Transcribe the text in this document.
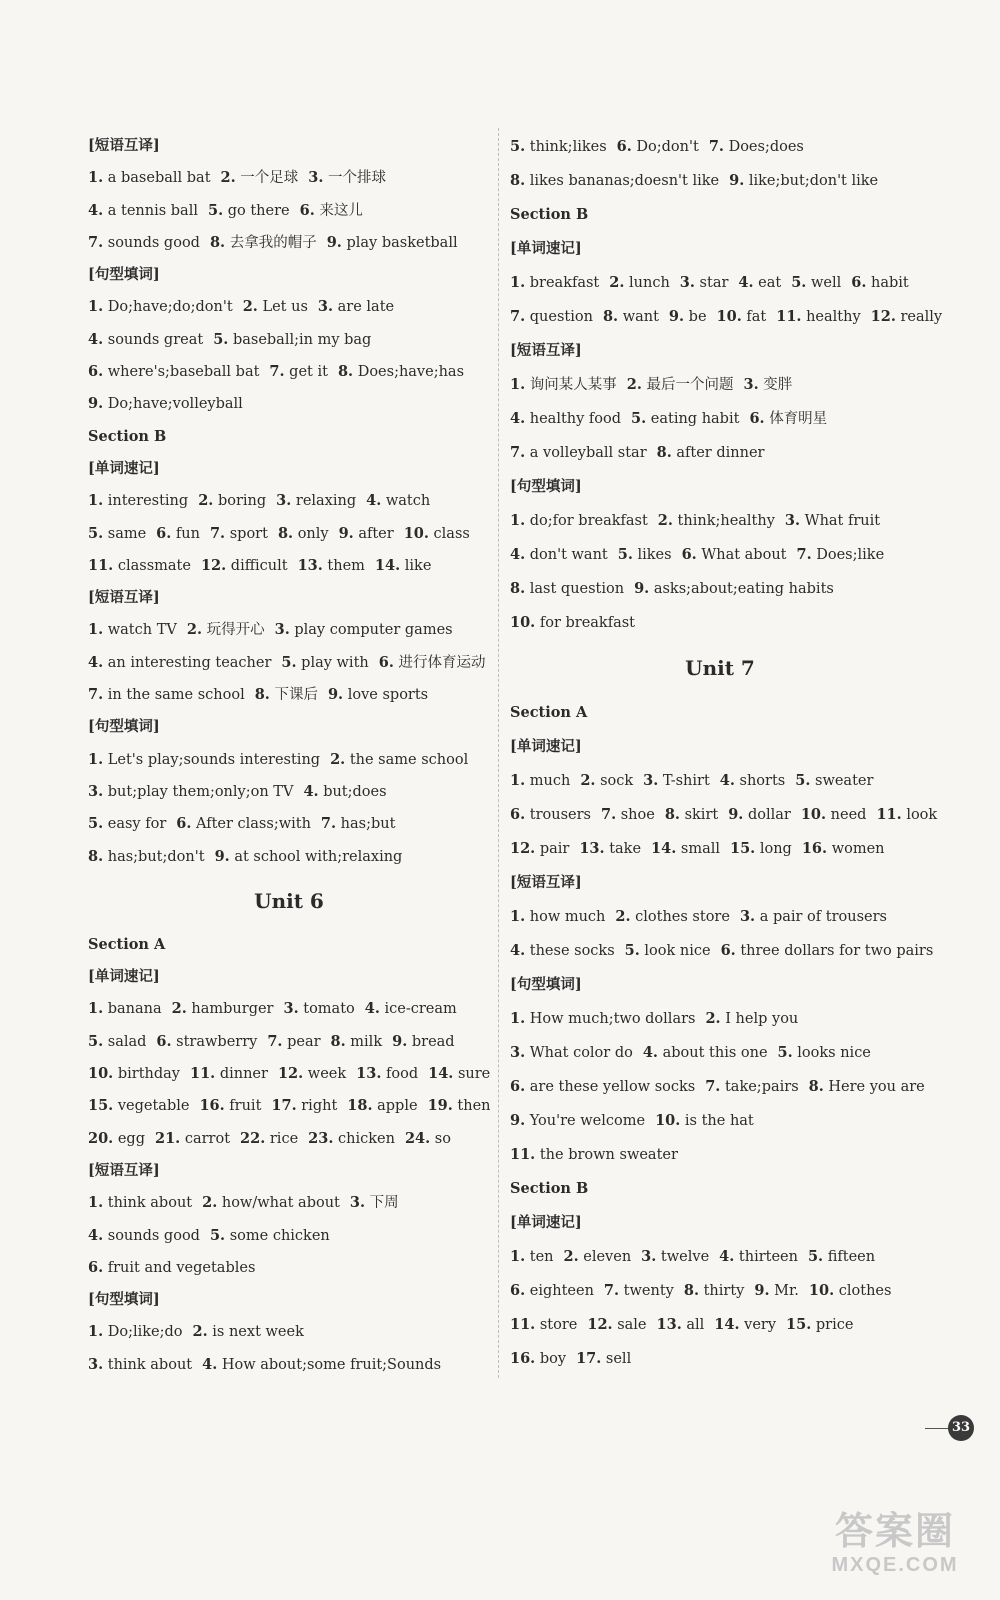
[短语互译]
1. a baseball bat 2. 一个足球 3. 一个排球
4. a tennis ball 5. go there 6. 来这儿
7. sounds good 8. 去拿我的帽子 9. play basketball
[句型填词]
1. Do;have;do;don't 2. Let us 3. are late
4. sounds great 5. baseball;in my bag
6. where's;baseball bat 7. get it 8. Does;have;has
9. Do;have;volleyball
Section B
[单词速记]
1. interesting 2. boring 3. relaxing 4. watch
5. same 6. fun 7. sport 8. only 9. after 10. class
11. classmate 12. difficult 13. them 14. like
[短语互译]
1. watch TV 2. 玩得开心 3. play computer games
4. an interesting teacher 5. play with 6. 进行体育运动
7. in the same school 8. 下课后 9. love sports
[句型填词]
1. Let's play;sounds interesting 2. the same school
3. but;play them;only;on TV 4. but;does
5. easy for 6. After class;with 7. has;but
8. has;but;don't 9. at school with;relaxing
Unit 6
Section A
[单词速记]
1. banana 2. hamburger 3. tomato 4. ice-cream
5. salad 6. strawberry 7. pear 8. milk 9. bread
10. birthday 11. dinner 12. week 13. food 14. sure
15. vegetable 16. fruit 17. right 18. apple 19. then
20. egg 21. carrot 22. rice 23. chicken 24. so
[短语互译]
1. think about 2. how/what about 3. 下周
4. sounds good 5. some chicken
6. fruit and vegetables
[句型填词]
1. Do;like;do 2. is next week
3. think about 4. How about;some fruit;Sounds
5. think;likes 6. Do;don't 7. Does;does
8. likes bananas;doesn't like 9. like;but;don't like
Section B
[单词速记]
1. breakfast 2. lunch 3. star 4. eat 5. well 6. habit
7. question 8. want 9. be 10. fat 11. healthy 12. really
[短语互译]
1. 询问某人某事 2. 最后一个问题 3. 变胖
4. healthy food 5. eating habit 6. 体育明星
7. a volleyball star 8. after dinner
[句型填词]
1. do;for breakfast 2. think;healthy 3. What fruit
4. don't want 5. likes 6. What about 7. Does;like
8. last question 9. asks;about;eating habits
10. for breakfast
Unit 7
Section A
[单词速记]
1. much 2. sock 3. T-shirt 4. shorts 5. sweater
6. trousers 7. shoe 8. skirt 9. dollar 10. need 11. look
12. pair 13. take 14. small 15. long 16. women
[短语互译]
1. how much 2. clothes store 3. a pair of trousers
4. these socks 5. look nice 6. three dollars for two pairs
[句型填词]
1. How much;two dollars 2. I help you
3. What color do 4. about this one 5. looks nice
6. are these yellow socks 7. take;pairs 8. Here you are
9. You're welcome 10. is the hat
11. the brown sweater
Section B
[单词速记]
1. ten 2. eleven 3. twelve 4. thirteen 5. fifteen
6. eighteen 7. twenty 8. thirty 9. Mr. 10. clothes
11. store 12. sale 13. all 14. very 15. price
16. boy 17. sell
33
答案圈
MXQE.COM
